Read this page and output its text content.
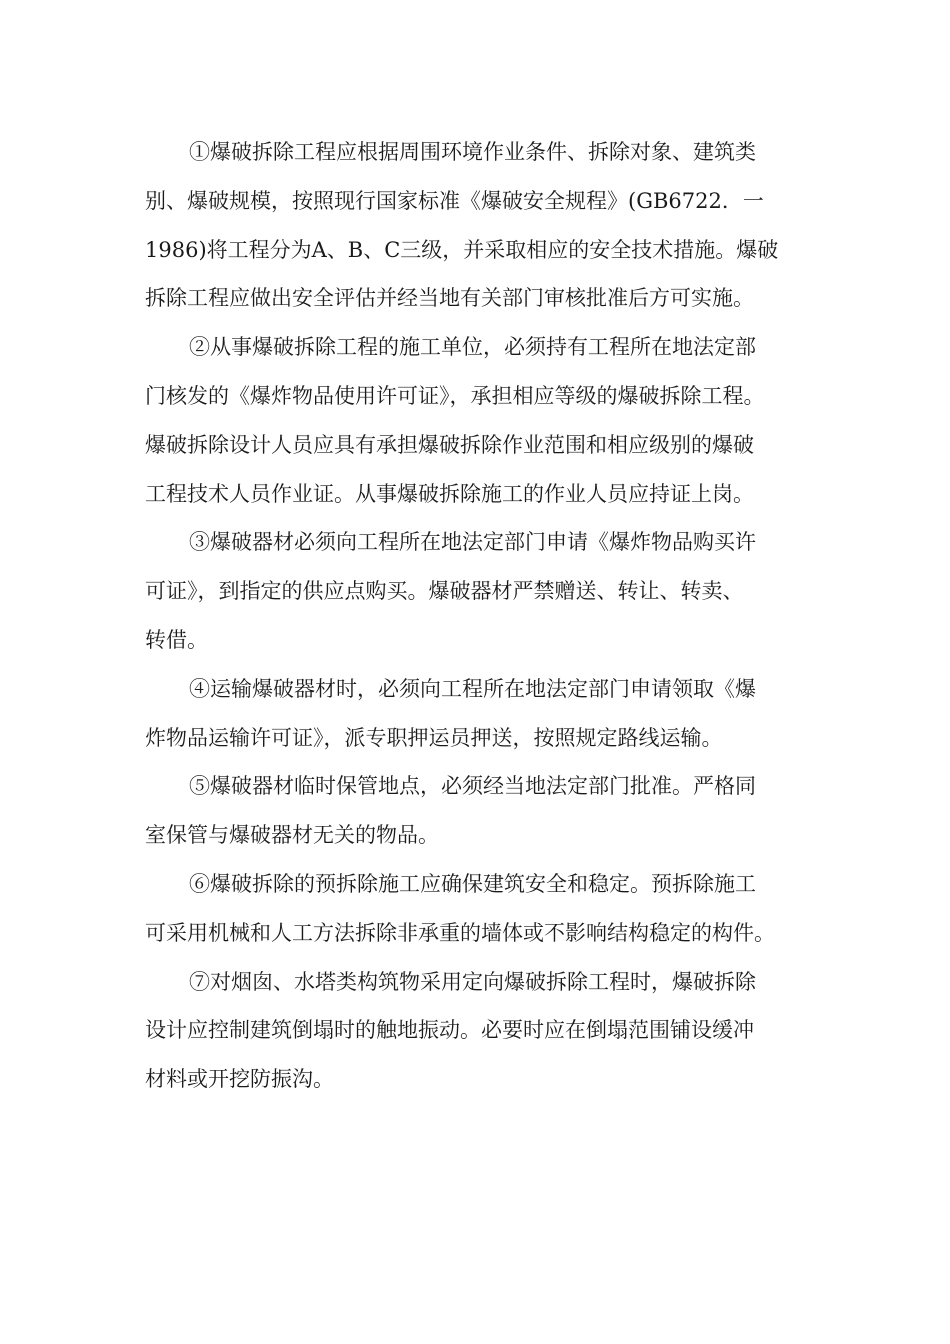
①爆破拆除工程应根据周围环境作业条件、拆除对象、建筑类
别、爆破规模，按照现行国家标准《爆破安全规程》(GB6722．一
1986)将工程分为A、B、C三级，并采取相应的安全技术措施。爆破
拆除工程应做出安全评估并经当地有关部门审核批准后方可实施。

②从事爆破拆除工程的施工单位，必须持有工程所在地法定部
门核发的《爆炸物品使用许可证》，承担相应等级的爆破拆除工程。
爆破拆除设计人员应具有承担爆破拆除作业范围和相应级别的爆破
工程技术人员作业证。从事爆破拆除施工的作业人员应持证上岗。

③爆破器材必须向工程所在地法定部门申请《爆炸物品购买许
可证》，到指定的供应点购买。爆破器材严禁赠送、转让、转卖、
转借。

④运输爆破器材时，必须向工程所在地法定部门申请领取《爆
炸物品运输许可证》，派专职押运员押送，按照规定路线运输。

⑤爆破器材临时保管地点，必须经当地法定部门批准。严格同
室保管与爆破器材无关的物品。

⑥爆破拆除的预拆除施工应确保建筑安全和稳定。预拆除施工
可采用机械和人工方法拆除非承重的墙体或不影响结构稳定的构件。

⑦对烟囱、水塔类构筑物采用定向爆破拆除工程时，爆破拆除
设计应控制建筑倒塌时的触地振动。必要时应在倒塌范围铺设缓冲
材料或开挖防振沟。
